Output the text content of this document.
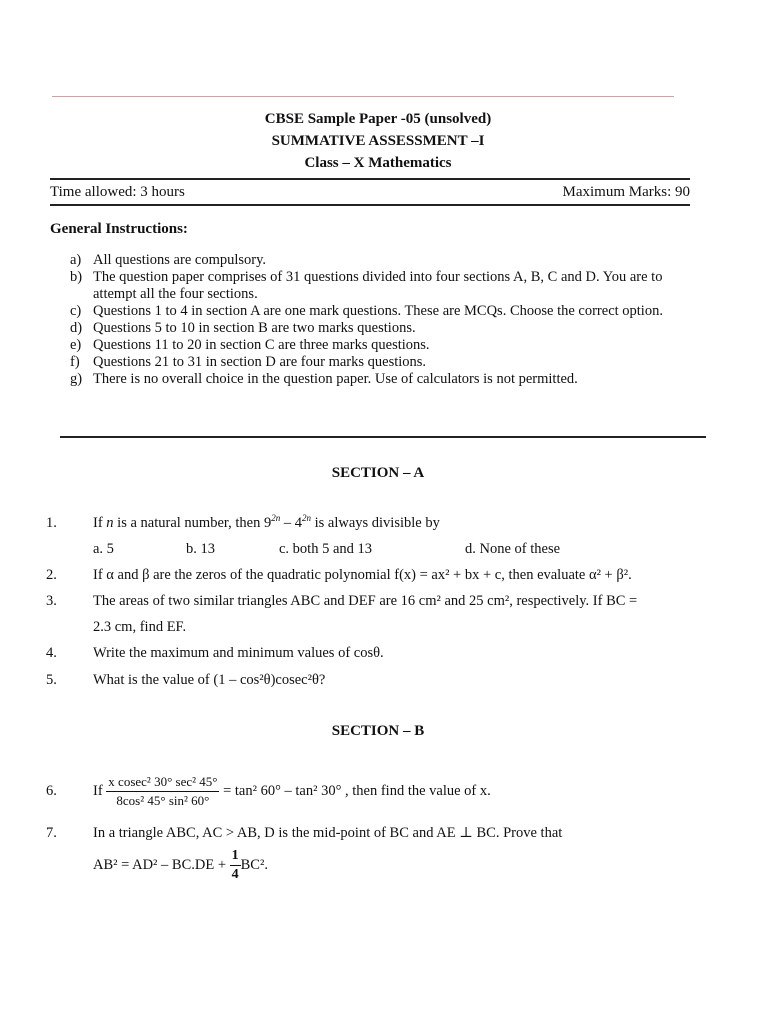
CBSE Sample Paper -05 (unsolved)
SUMMATIVE ASSESSMENT –I
Class – X Mathematics
Time allowed: 3 hours	Maximum Marks: 90
General Instructions:
a) All questions are compulsory.
b) The question paper comprises of 31 questions divided into four sections A, B, C and D. You are to attempt all the four sections.
c) Questions 1 to 4 in section A are one mark questions. These are MCQs. Choose the correct option.
d) Questions 5 to 10 in section B are two marks questions.
e) Questions 11 to 20 in section C are three marks questions.
f) Questions 21 to 31 in section D are four marks questions.
g) There is no overall choice in the question paper. Use of calculators is not permitted.
SECTION – A
1.	If n is a natural number, then $9^{2n} - 4^{2n}$ is always divisible by
a. 5	b. 13	c. both 5 and 13	d. None of these
2.	If α and β are the zeros of the quadratic polynomial f(x) = ax² + bx + c, then evaluate α² + β².
3.	The areas of two similar triangles ABC and DEF are 16 cm² and 25 cm², respectively. If BC =
2.3 cm, find EF.
4.	Write the maximum and minimum values of cosθ.
5.	What is the value of (1 – cos²θ)cosec²θ?
SECTION – B
6.	If $\frac{\text{x cosec² 30° sec² 45°}}{\text{8cos² 45° sin² 60°}} = \tan^2$ 60° – tan² 30° , then find the value of x.
7.	In a triangle ABC, AC > AB, D is the mid-point of BC and AE ⊥ BC. Prove that
$AB^2 = AD^2 - BC.DE + \frac{1}{4} BC^2$.
